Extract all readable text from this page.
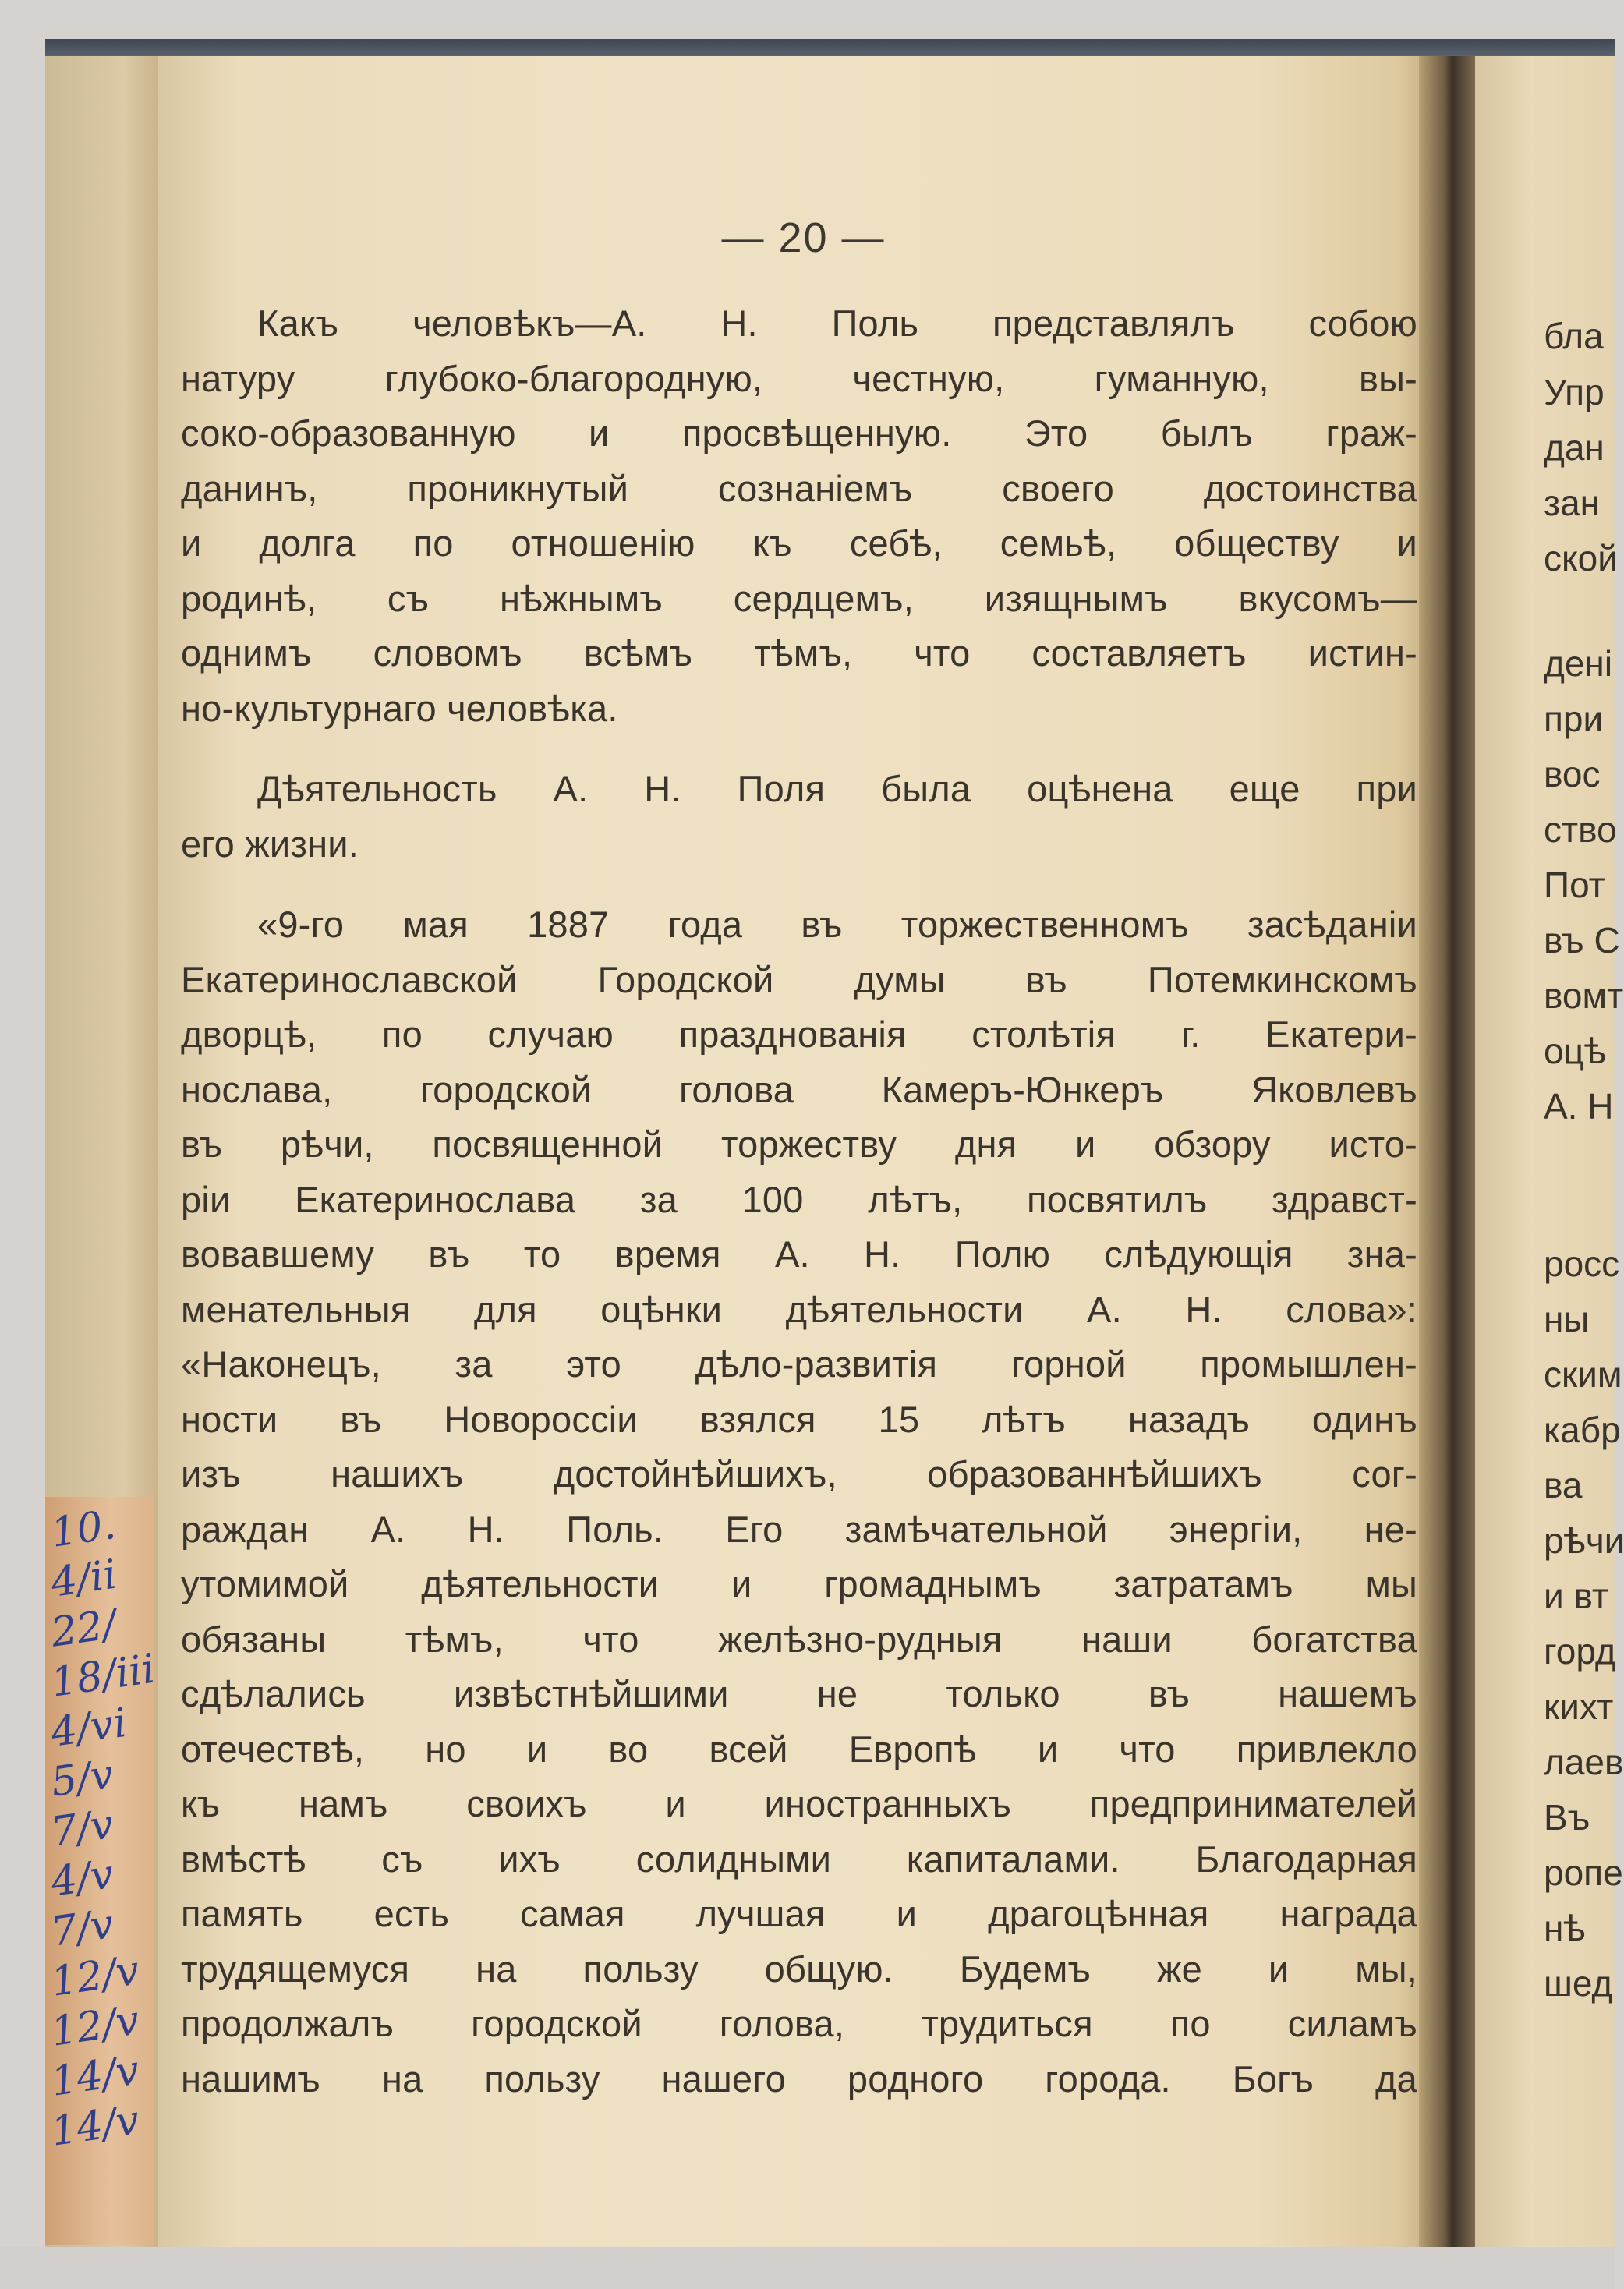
10.
4/ii
22/
18/iii
4/vi
5/v
7/v
4/v
7/v
12/v
12/v
14/v
14/v
— 20 —
Какъ человѣкъ—А. Н. Поль представлялъ собою
натуру глубоко-благородную, честную, гуманную, вы-
соко-образованную и просвѣщенную. Это былъ граж-
данинъ, проникнутый сознаніемъ своего достоинства
и долга по отношенію къ себѣ, семьѣ, обществу и
родинѣ, съ нѣжнымъ сердцемъ, изящнымъ вкусомъ—
однимъ словомъ всѣмъ тѣмъ, что составляетъ истин-
но-культурнаго человѣка.
Дѣятельность А. Н. Поля была оцѣнена еще при
его жизни.
«9-го мая 1887 года въ торжественномъ засѣданіи
Екатеринославской Городской думы въ Потемкинскомъ
дворцѣ, по случаю празднованія столѣтія г. Екатери-
нослава, городской голова Камеръ-Юнкеръ Яковлевъ
въ рѣчи, посвященной торжеству дня и обзору исто-
ріи Екатеринослава за 100 лѣтъ, посвятилъ здравст-
вовавшему въ то время А. Н. Полю слѣдующія зна-
менательныя для оцѣнки дѣятельности А. Н. слова»:
«Наконецъ, за это дѣло-развитія горной промышлен-
ности въ Новороссіи взялся 15 лѣтъ назадъ одинъ
изъ нашихъ достойнѣйшихъ, образованнѣйшихъ сог-
раждан А. Н. Поль. Его замѣчательной энергіи, не-
утомимой дѣятельности и громаднымъ затратамъ мы
обязаны тѣмъ, что желѣзно-рудныя наши богатства
сдѣлались извѣстнѣйшими не только въ нашемъ
отечествѣ, но и во всей Европѣ и что привлекло
къ намъ своихъ и иностранныхъ предпринимателей
вмѣстѣ съ ихъ солидными капиталами. Благодарная
память есть самая лучшая и драгоцѣнная награда
трудящемуся на пользу общую. Будемъ же и мы,
продолжалъ городской голова, трудиться по силамъ
нашимъ на пользу нашего родного города. Богъ да
бла
Упр
дан
зан
ской
дені
при
вос
ство
Пот
въ С
вомт
оцѣ
А. Н
росс
ны
ским
кабр
ва
рѣчи
и вт
горд
кихт
лаев
Въ
ропе
нѣ
шед
